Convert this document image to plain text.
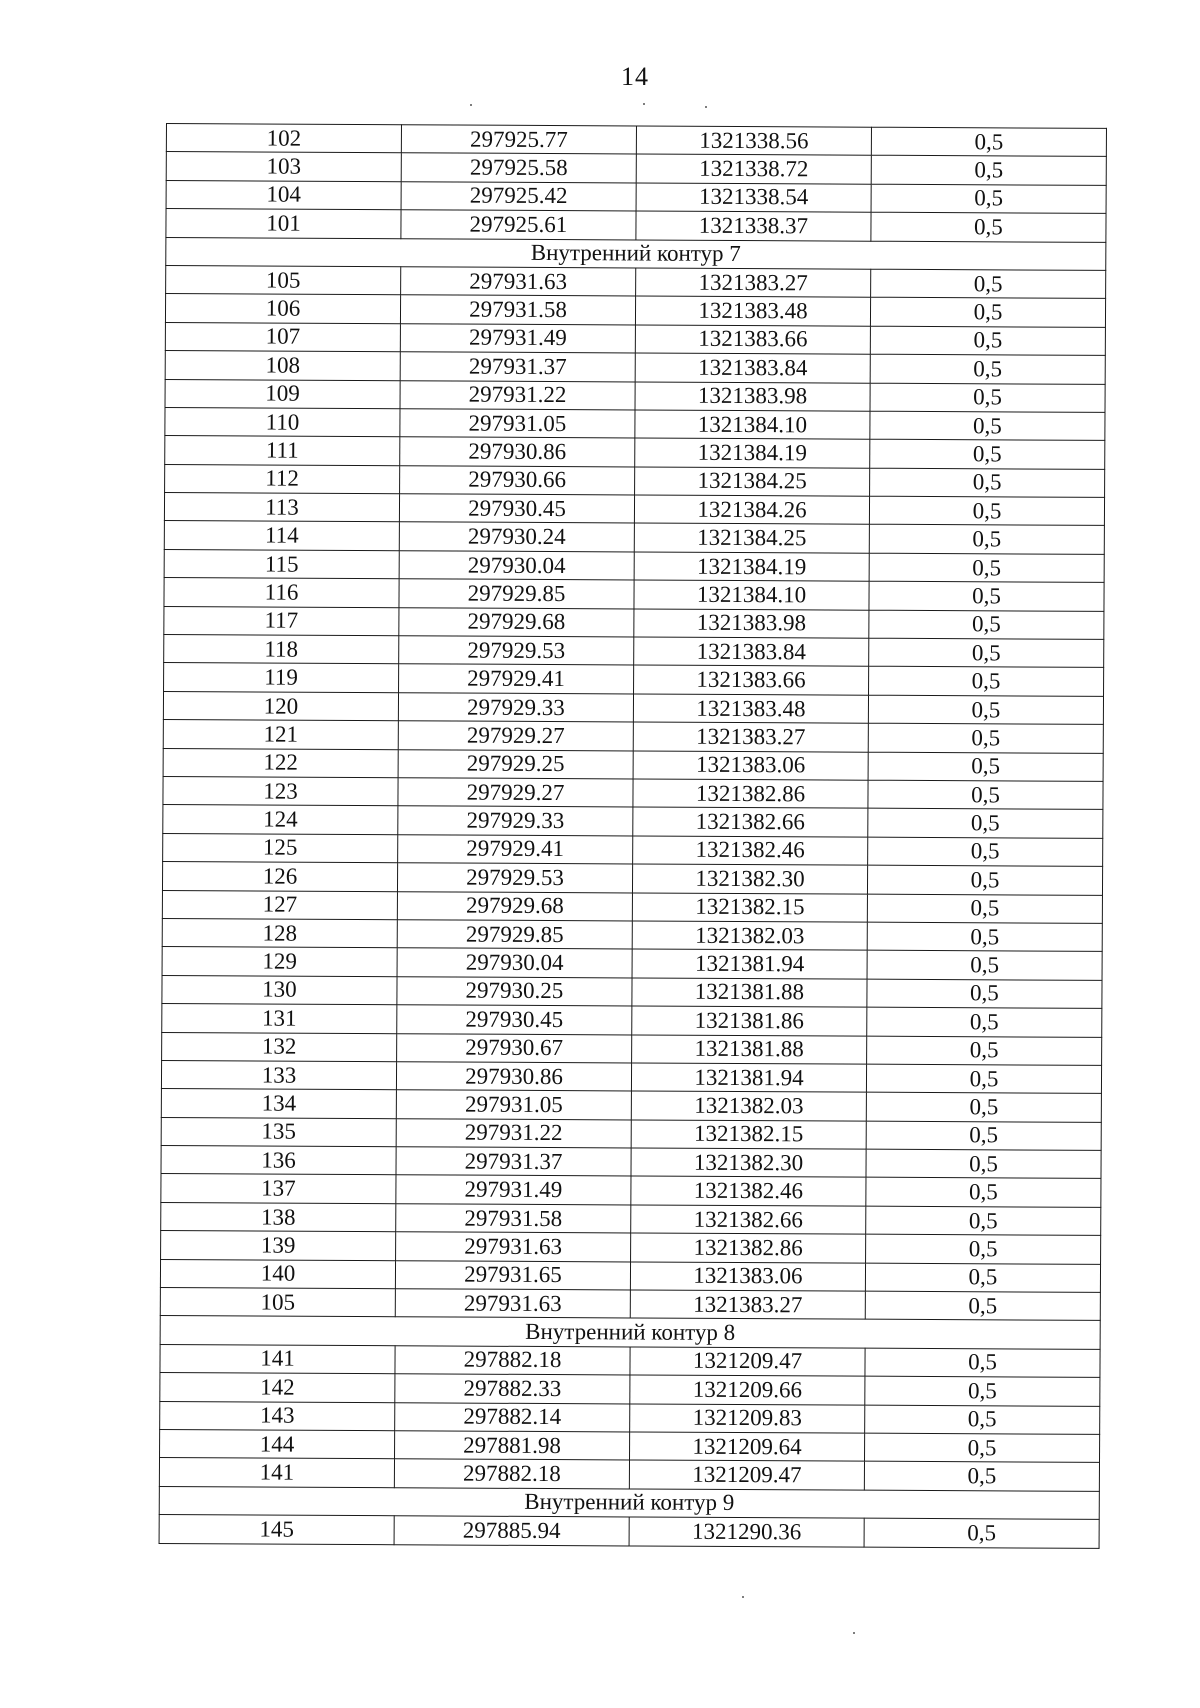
14
102	297925.77	1321338.56	0,5
103	297925.58	1321338.72	0,5
104	297925.42	1321338.54	0,5
101	297925.61	1321338.37	0,5
Внутренний контур 7			
105	297931.63	1321383.27	0,5
106	297931.58	1321383.48	0,5
107	297931.49	1321383.66	0,5
108	297931.37	1321383.84	0,5
109	297931.22	1321383.98	0,5
110	297931.05	1321384.10	0,5
111	297930.86	1321384.19	0,5
112	297930.66	1321384.25	0,5
113	297930.45	1321384.26	0,5
114	297930.24	1321384.25	0,5
115	297930.04	1321384.19	0,5
116	297929.85	1321384.10	0,5
117	297929.68	1321383.98	0,5
118	297929.53	1321383.84	0,5
119	297929.41	1321383.66	0,5
120	297929.33	1321383.48	0,5
121	297929.27	1321383.27	0,5
122	297929.25	1321383.06	0,5
123	297929.27	1321382.86	0,5
124	297929.33	1321382.66	0,5
125	297929.41	1321382.46	0,5
126	297929.53	1321382.30	0,5
127	297929.68	1321382.15	0,5
128	297929.85	1321382.03	0,5
129	297930.04	1321381.94	0,5
130	297930.25	1321381.88	0,5
131	297930.45	1321381.86	0,5
132	297930.67	1321381.88	0,5
133	297930.86	1321381.94	0,5
134	297931.05	1321382.03	0,5
135	297931.22	1321382.15	0,5
136	297931.37	1321382.30	0,5
137	297931.49	1321382.46	0,5
138	297931.58	1321382.66	0,5
139	297931.63	1321382.86	0,5
140	297931.65	1321383.06	0,5
105	297931.63	1321383.27	0,5
Внутренний контур 8			
141	297882.18	1321209.47	0,5
142	297882.33	1321209.66	0,5
143	297882.14	1321209.83	0,5
144	297881.98	1321209.64	0,5
141	297882.18	1321209.47	0,5
Внутренний контур 9			
145	297885.94	1321290.36	0,5
